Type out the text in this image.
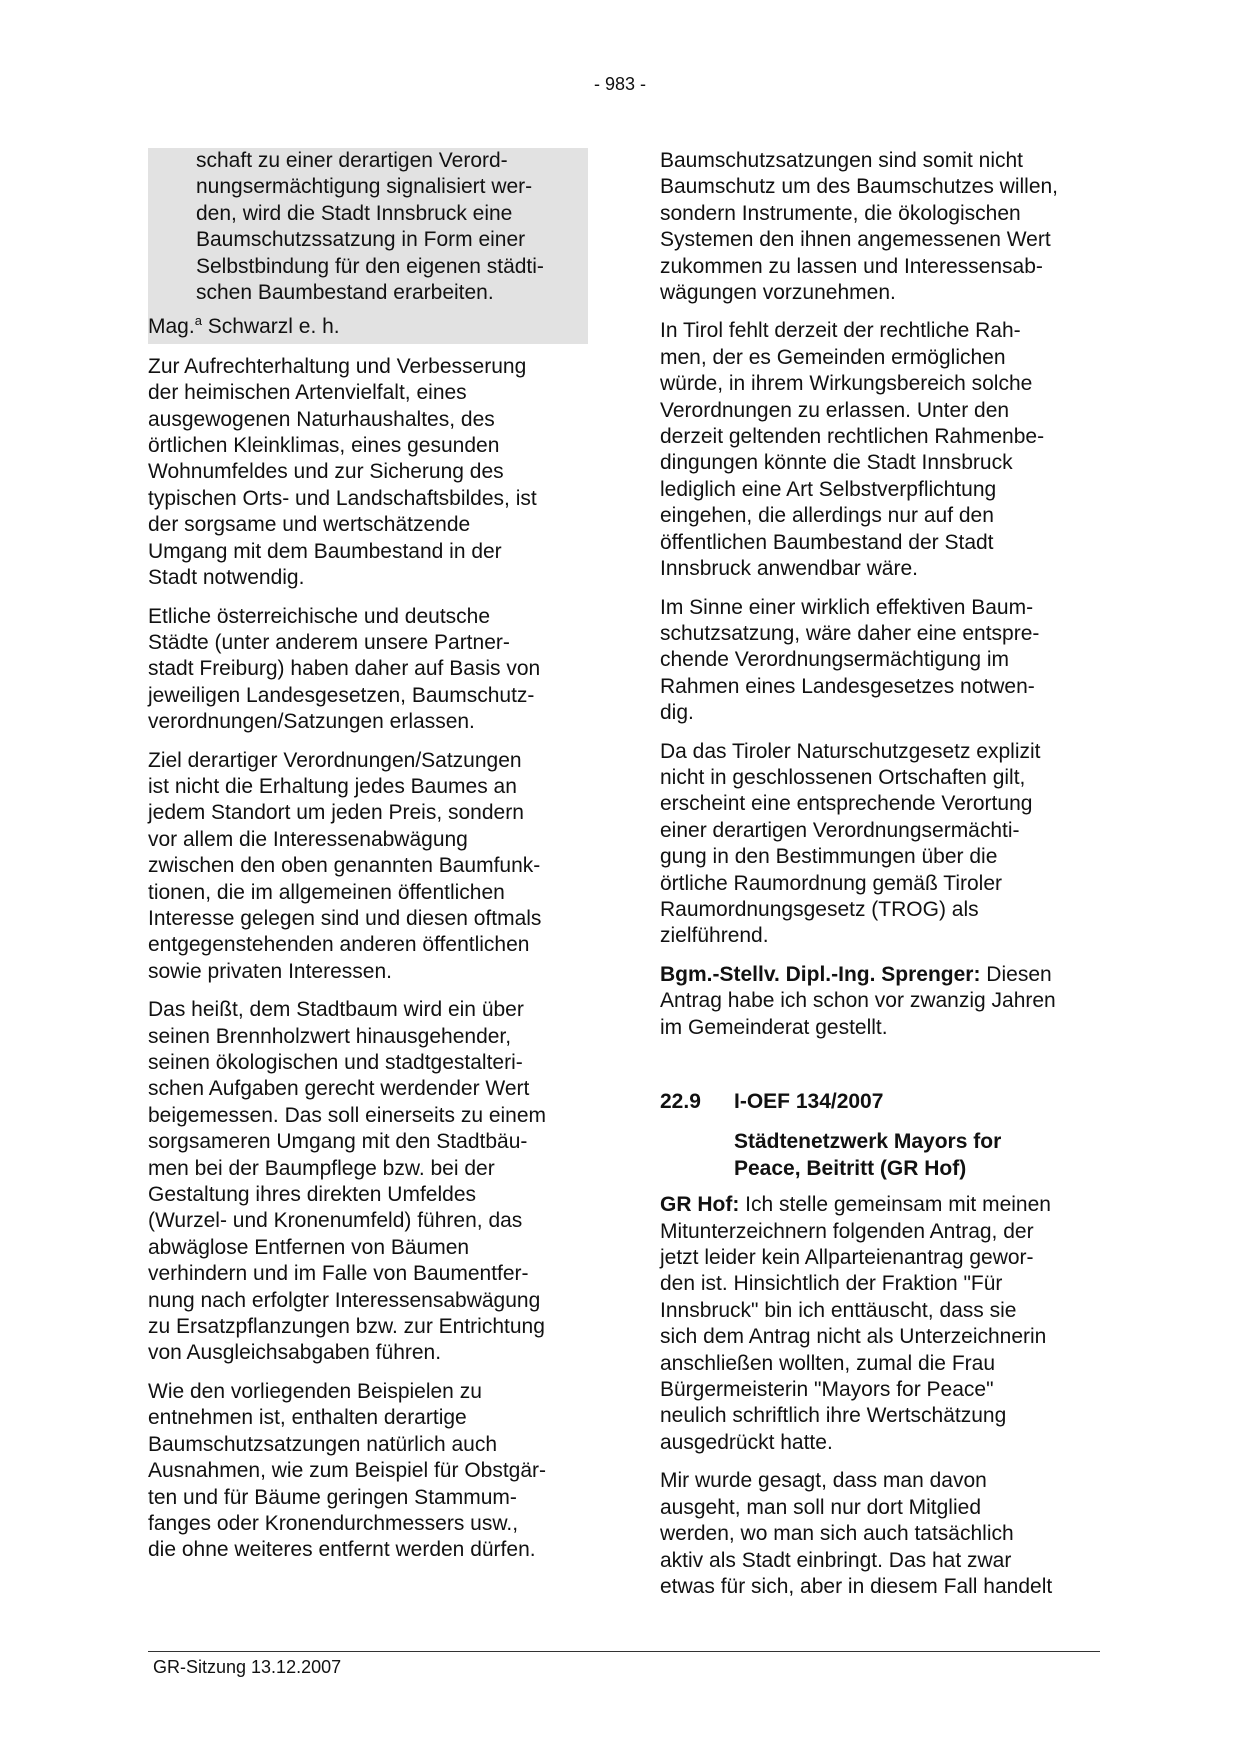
- 983 -
schaft zu einer derartigen Verord-
nungsermächtigung signalisiert wer-
den, wird die Stadt Innsbruck eine
Baumschutzssatzung in Form einer
Selbstbindung für den eigenen städti-
schen Baumbestand erarbeiten.
Mag.$^a$ Schwarzl e. h.

Zur Aufrechterhaltung und Verbesserung
der heimischen Artenvielfalt, eines
ausgewogenen Naturhaushaltes, des
örtlichen Kleinklimas, eines gesunden
Wohnumfeldes und zur Sicherung des
typischen Orts- und Landschaftsbildes, ist
der sorgsame und wertschätzende
Umgang mit dem Baumbestand in der
Stadt notwendig.

Etliche österreichische und deutsche
Städte (unter anderem unsere Partner-
stadt Freiburg) haben daher auf Basis von
jeweiligen Landesgesetzen, Baumschutz-
verordnungen/Satzungen erlassen.

Ziel derartiger Verordnungen/Satzungen
ist nicht die Erhaltung jedes Baumes an
jedem Standort um jeden Preis, sondern
vor allem die Interessenabwägung
zwischen den oben genannten Baumfunk-
tionen, die im allgemeinen öffentlichen
Interesse gelegen sind und diesen oftmals
entgegenstehenden anderen öffentlichen
sowie privaten Interessen.

Das heißt, dem Stadtbaum wird ein über
seinen Brennholzwert hinausgehender,
seinen ökologischen und stadtgestalteri-
schen Aufgaben gerecht werdender Wert
beigemessen. Das soll einerseits zu einem
sorgsameren Umgang mit den Stadtbäu-
men bei der Baumpflege bzw. bei der
Gestaltung ihres direkten Umfeldes
(Wurzel- und Kronenumfeld) führen, das
abwäglose Entfernen von Bäumen
verhindern und im Falle von Baumentfer-
nung nach erfolgter Interessensabwägung
zu Ersatzpflanzungen bzw. zur Entrichtung
von Ausgleichsabgaben führen.

Wie den vorliegenden Beispielen zu
entnehmen ist, enthalten derartige
Baumschutzsatzungen natürlich auch
Ausnahmen, wie zum Beispiel für Obstgär-
ten und für Bäume geringen Stammum-
fanges oder Kronendurchmessers usw.,
die ohne weiteres entfernt werden dürfen.

Baumschutzsatzungen sind somit nicht
Baumschutz um des Baumschutzes willen,
sondern Instrumente, die ökologischen
Systemen den ihnen angemessenen Wert
zukommen zu lassen und Interessensab-
wägungen vorzunehmen.

In Tirol fehlt derzeit der rechtliche Rah-
men, der es Gemeinden ermöglichen
würde, in ihrem Wirkungsbereich solche
Verordnungen zu erlassen. Unter den
derzeit geltenden rechtlichen Rahmenbe-
dingungen könnte die Stadt Innsbruck
lediglich eine Art Selbstverpflichtung
eingehen, die allerdings nur auf den
öffentlichen Baumbestand der Stadt
Innsbruck anwendbar wäre.

Im Sinne einer wirklich effektiven Baum-
schutzsatzung, wäre daher eine entspre-
chende Verordnungsermächtigung im
Rahmen eines Landesgesetzes notwen-
dig.

Da das Tiroler Naturschutzgesetz explizit
nicht in geschlossenen Ortschaften gilt,
erscheint eine entsprechende Verortung
einer derartigen Verordnungsermächti-
gung in den Bestimmungen über die
örtliche Raumordnung gemäß Tiroler
Raumordnungsgesetz (TROG) als
zielführend.

Bgm.-Stellv. Dipl.-Ing. Sprenger: Diesen
Antrag habe ich schon vor zwanzig Jahren
im Gemeinderat gestellt.

22.9	I-OEF 134/2007
Städtenetzwerk Mayors for
Peace, Beitritt (GR Hof)

GR Hof: Ich stelle gemeinsam mit meinen
Mitunterzeichnern folgenden Antrag, der
jetzt leider kein Allparteienantrag gewor-
den ist. Hinsichtlich der Fraktion "Für
Innsbruck" bin ich enttäuscht, dass sie
sich dem Antrag nicht als Unterzeichnerin
anschließen wollten, zumal die Frau
Bürgermeisterin "Mayors for Peace"
neulich schriftlich ihre Wertschätzung
ausgedrückt hatte.

Mir wurde gesagt, dass man davon
ausgeht, man soll nur dort Mitglied
werden, wo man sich auch tatsächlich
aktiv als Stadt einbringt. Das hat zwar
etwas für sich, aber in diesem Fall handelt

GR-Sitzung 13.12.2007
